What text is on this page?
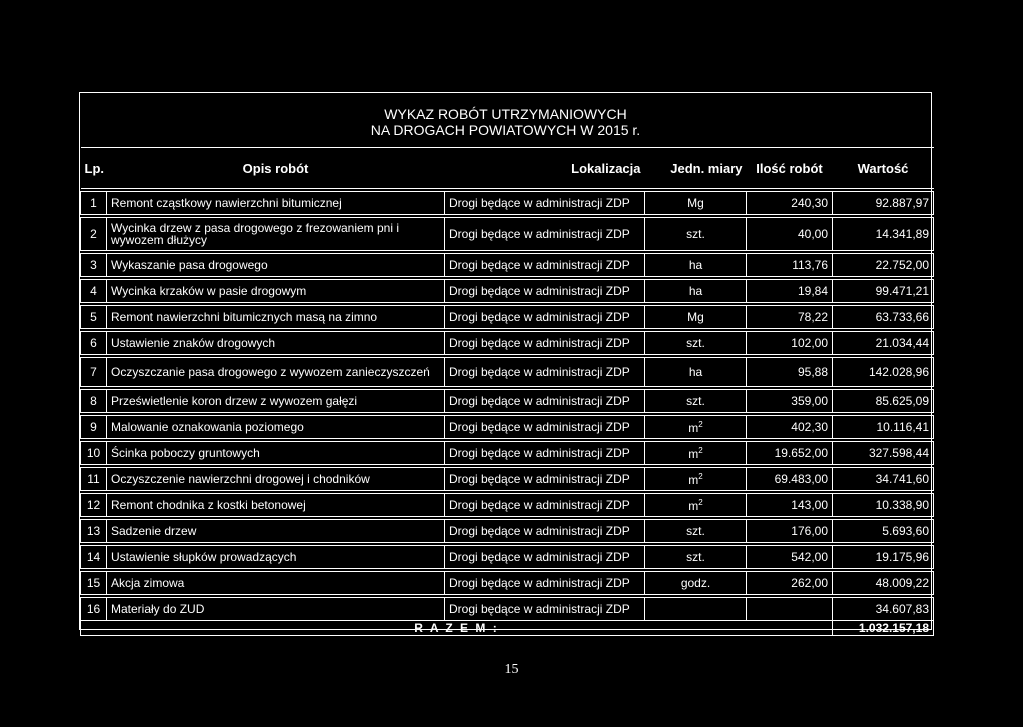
WYKAZ ROBÓT UTRZYMANIOWYCH
NA DROGACH POWIATOWYCH W 2015 r.
Lp.	Opis robót	Lokalizacja	Jedn. miary	Ilość robót	Wartość

1	Remont cząstkowy nawierzchni bitumicznej	Drogi będące w administracji ZDP	Mg	240,30	92.887,97

2	Wycinka drzew z pasa drogowego z frezowaniem pni i wywozem dłużycy	Drogi będące w administracji ZDP	szt.	40,00	14.341,89

3	Wykaszanie pasa drogowego	Drogi będące w administracji ZDP	ha	113,76	22.752,00

4	Wycinka krzaków w pasie drogowym	Drogi będące w administracji ZDP	ha	19,84	99.471,21

5	Remont nawierzchni bitumicznych masą na zimno	Drogi będące w administracji ZDP	Mg	78,22	63.733,66

6	Ustawienie znaków drogowych	Drogi będące w administracji ZDP	szt.	102,00	21.034,44

7	Oczyszczanie pasa drogowego z wywozem zanieczyszczeń	Drogi będące w administracji ZDP	ha	95,88	142.028,96

8	Prześwietlenie koron drzew z wywozem gałęzi	Drogi będące w administracji ZDP	szt.	359,00	85.625,09

9	Malowanie oznakowania poziomego	Drogi będące w administracji ZDP	$m^2$	402,30	10.116,41

10	Ścinka poboczy gruntowych	Drogi będące w administracji ZDP	$m^2$	19.652,00	327.598,44

11	Oczyszczenie nawierzchni drogowej i chodników	Drogi będące w administracji ZDP	$m^2$	69.483,00	34.741,60

12	Remont chodnika z kostki betonowej	Drogi będące w administracji ZDP	$m^2$	143,00	10.338,90

13	Sadzenie drzew	Drogi będące w administracji ZDP	szt.	176,00	5.693,60

14	Ustawienie słupków prowadzących	Drogi będące w administracji ZDP	szt.	542,00	19.175,96

15	Akcja zimowa	Drogi będące w administracji ZDP	godz.	262,00	48.009,22

16	Materiały do ZUD	Drogi będące w administracji ZDP			34.607,83
R A Z E M :					1.032.157,18
15
